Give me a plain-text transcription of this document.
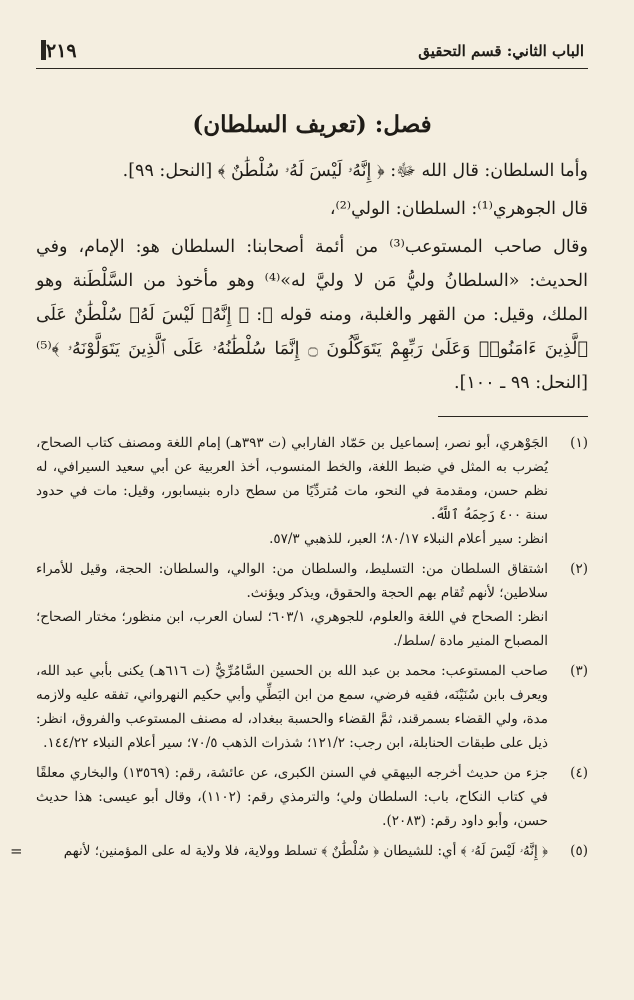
الباب الثاني: قسم التحقيق
٢١٩
فصل: (تعريف السلطان)

وأما السلطان: قال الله ﷻ: ﴿ إِنَّهُۥ لَيْسَ لَهُۥ سُلْطَٰنٌ ﴾ [النحل: ٩٩].

قال الجوهري⁽¹⁾: السلطان: الولي⁽²⁾،

وقال صاحب المستوعب⁽³⁾ من أئمة أصحابنا: السلطان هو: الإمام، وفي الحديث: «السلطانُ وليُّ مَن لا وليَّ له»⁽⁴⁾ وهو مأخوذ من السَّلْطَنة وهو الملك، وقيل: من القهر والغلبة، ومنه قوله ﷻ: ﴿ إِنَّهُۥ لَيْسَ لَهُۥ سُلْطَٰنٌ عَلَى ٱلَّذِينَ ءَامَنُوا۟ وَعَلَىٰ رَبِّهِمْ يَتَوَكَّلُونَ ۝ إِنَّمَا سُلْطَٰنُهُۥ عَلَى ٱلَّذِينَ يَتَوَلَّوْنَهُۥ ﴾⁽⁵⁾ [النحل: ٩٩ ـ ١٠٠].

(١)
الجَوْهري، أبو نصر، إسماعيل بن حَمّاد الفارابي (ت ٣٩٣هـ) إمام اللغة ومصنف كتاب الصحاح، يُضرب به المثل في ضبط اللغة، والخط المنسوب، أخذ العربية عن أبي سعيد السيرافي، له نظم حسن، ومقدمة في النحو، مات مُتردِّيًا من سطح داره بنيسابور، وقيل: مات في حدود سنة ٤٠٠ رَحِمَهُ ٱللَّهُ.
انظر: سير أعلام النبلاء ٨٠/١٧؛ العبر، للذهبي ٥٧/٣.
(٢)
اشتقاق السلطان من: التسليط، والسلطان من: الوالي، والسلطان: الحجة، وقيل للأمراء سلاطين؛ لأنهم تُقام بهم الحجة والحقوق، ويذكر ويؤنث.
انظر: الصحاح في اللغة والعلوم، للجوهري، ٦٠٣/١؛ لسان العرب، ابن منظور؛ مختار الصحاح؛ المصباح المنير مادة /سلط/.
(٣)
صاحب المستوعب: محمد بن عبد الله بن الحسين السَّامُرِّيُّ (ت ٦١٦هـ) يكنى بأبي عبد الله، ويعرف بابن سُنَيْنَه، فقيه فرضي، سمع من ابن البَطِّي وأبي حكيم النهرواني، تفقه عليه ولازمه مدة، ولي القضاء بسمرقند، ثمَّ القضاء والحسبة ببغداد، له مصنف المستوعب والفروق، انظر: ذيل على طبقات الحنابلة، ابن رجب: ١٢١/٢؛ شذرات الذهب ٧٠/٥؛ سير أعلام النبلاء ١٤٤/٢٢.
(٤)
جزء من حديث أخرجه البيهقي في السنن الكبرى، عن عائشة، رقم: (١٣٥٦٩) والبخاري معلقًا في كتاب النكاح، باب: السلطان ولي؛ والترمذي رقم: (١١٠٢)، وقال أبو عيسى: هذا حديث حسن، وأبو داود رقم: (٢٠٨٣).
(٥)
﴿ إِنَّهُۥ لَيْسَ لَهُۥ ﴾ أي: للشيطان ﴿ سُلْطَٰنٌ ﴾ تسلط وولاية، فلا ولاية له على المؤمنين؛ لأنهم
=
